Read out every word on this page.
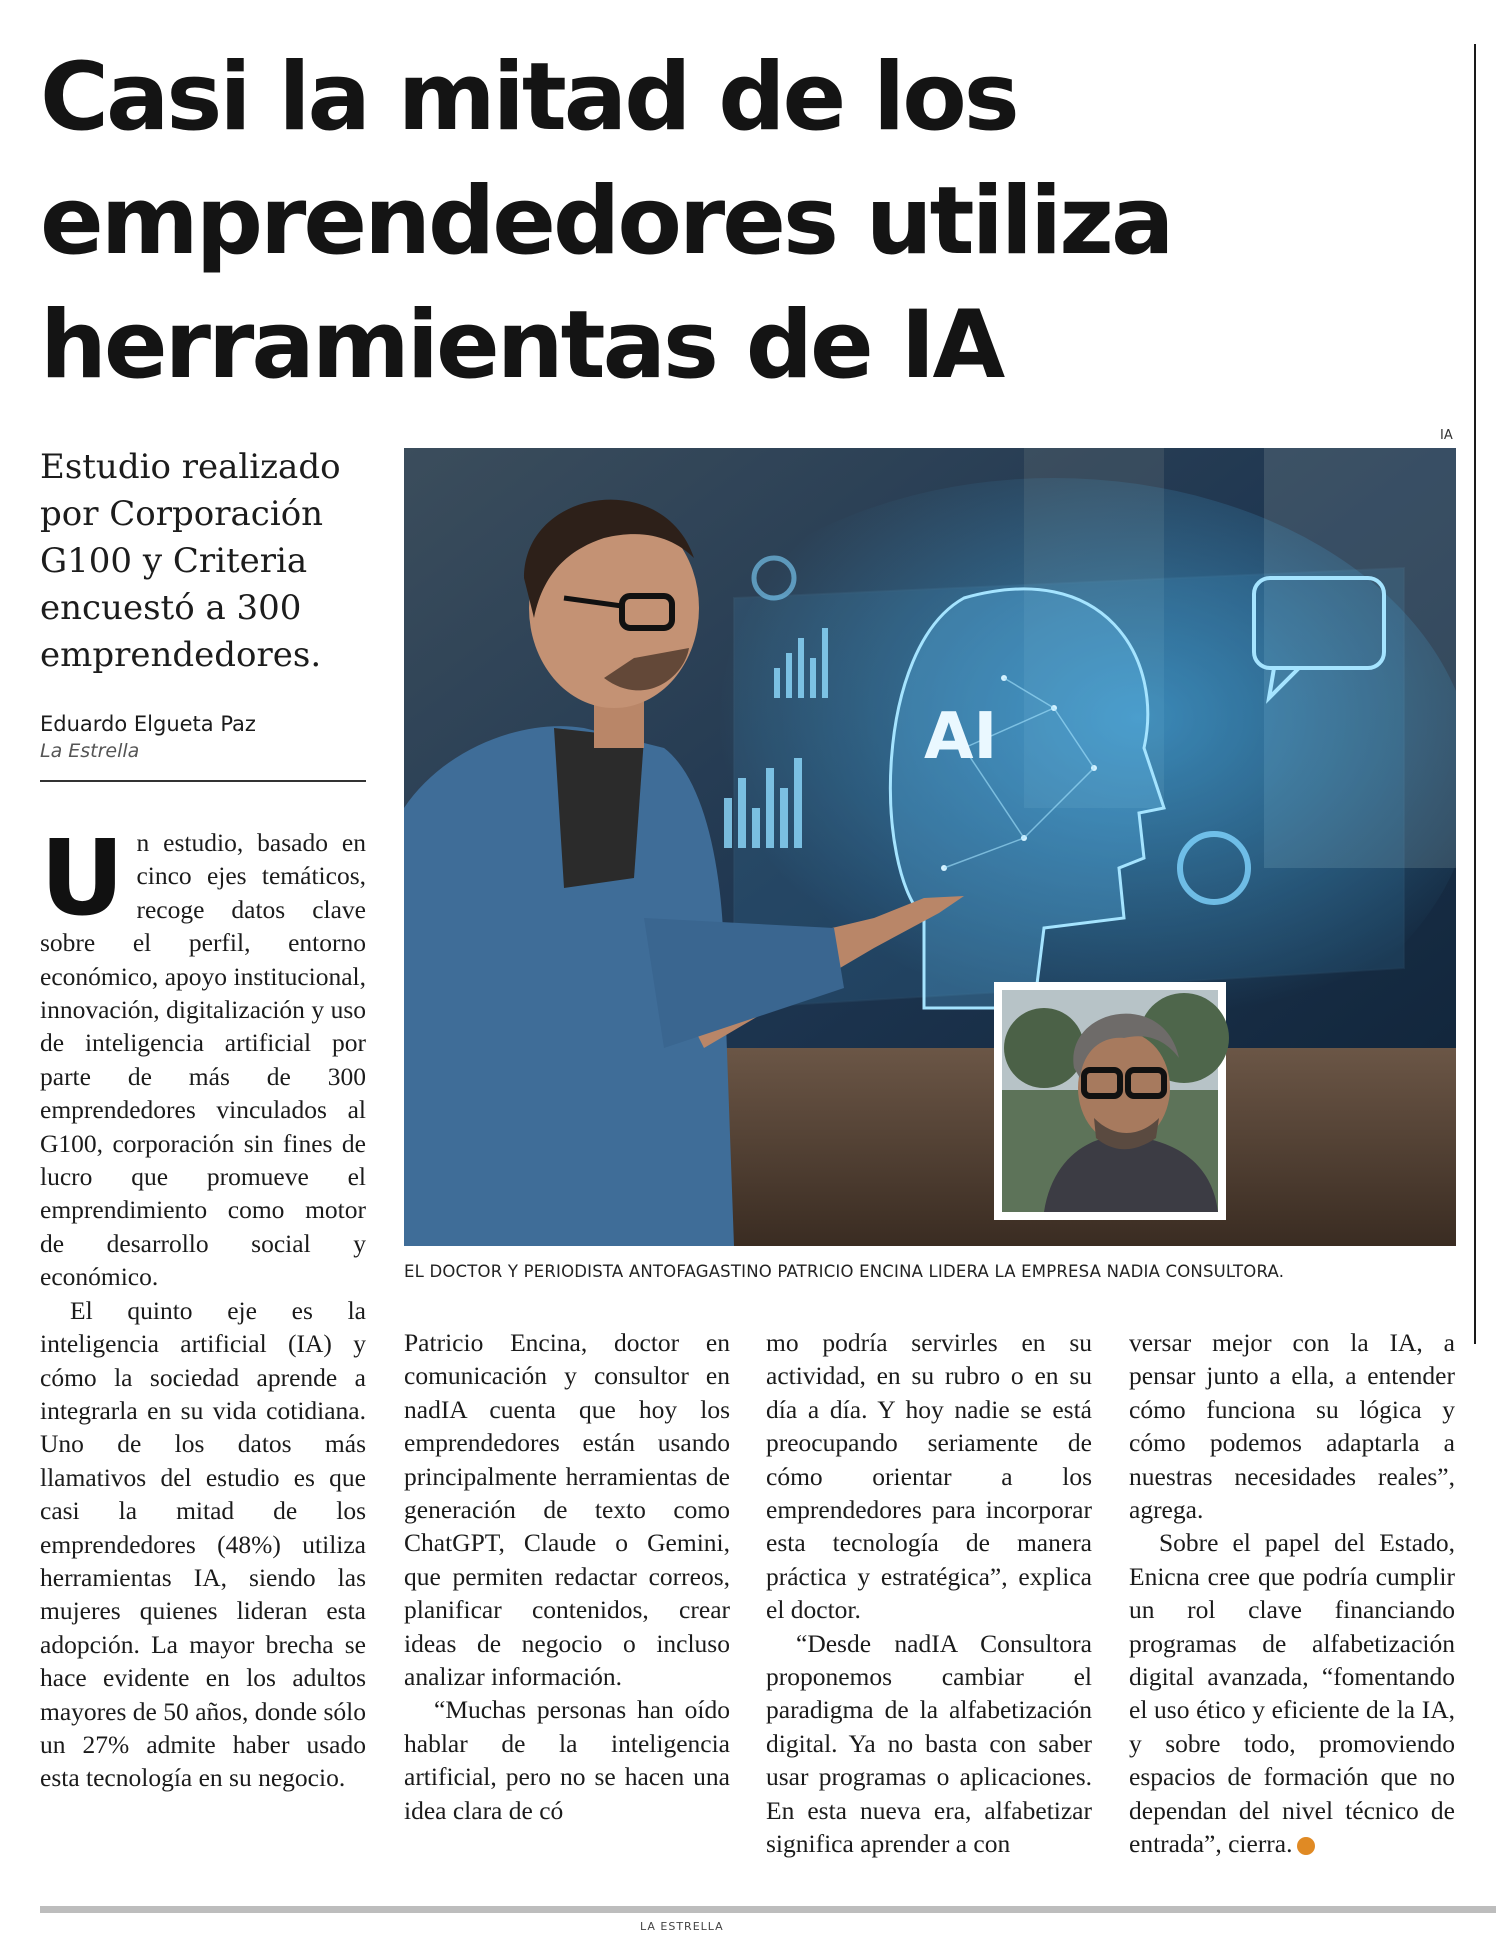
Casi la mitad de los
emprendedores utiliza
herramientas de IA

Estudio realizado por Corporación G100 y Criteria encuestó a 300 emprendedores.

Eduardo Elgueta Paz
La Estrella

Un estudio, basado en cinco ejes temáticos, recoge datos clave sobre el perfil, entorno económico, apoyo institucional, innovación, digitalización y uso de inteligencia artificial por parte de más de 300 emprendedores vinculados al G100, corporación sin fines de lucro que promueve el emprendimiento como motor de desarrollo social y económico.

El quinto eje es la inteligencia artificial (IA) y cómo la sociedad aprende a integrarla en su vida cotidiana. Uno de los datos más llamativos del estudio es que casi la mitad de los emprendedores (48%) utiliza herramientas IA, siendo las mujeres quienes lideran esta adopción. La mayor brecha se hace evidente en los adultos mayores de 50 años, donde sólo un 27% admite haber usado esta tecnología en su negocio.

IA
AI
EL DOCTOR Y PERIODISTA ANTOFAGASTINO PATRICIO ENCINA LIDERA LA EMPRESA NADIA CONSULTORA.

Patricio Encina, doctor en comunicación y consultor en nadIA cuenta que hoy los emprendedores están usando principalmente herramientas de generación de texto como ChatGPT, Claude o Gemini, que permiten redactar correos, planificar contenidos, crear ideas de negocio o incluso analizar información.

“Muchas personas han oído hablar de la inteligencia artificial, pero no se hacen una idea clara de có

mo podría servirles en su actividad, en su rubro o en su día a día. Y hoy nadie se está preocupando seriamente de cómo orientar a los emprendedores para incorporar esta tecnología de manera práctica y estratégica”, explica el doctor.

“Desde nadIA Consultora proponemos cambiar el paradigma de la alfabetización digital. Ya no basta con saber usar programas o aplicaciones. En esta nueva era, alfabetizar significa aprender a con

versar mejor con la IA, a pensar junto a ella, a entender cómo funciona su lógica y cómo podemos adaptarla a nuestras necesidades reales”, agrega.

Sobre el papel del Estado, Enicna cree que podría cumplir un rol clave financiando programas de alfabetización digital avanzada, “fomentando el uso ético y eficiente de la IA, y sobre todo, promoviendo espacios de formación que no dependan del nivel técnico de entrada”, cierra.	✪

LA ESTRELLA
